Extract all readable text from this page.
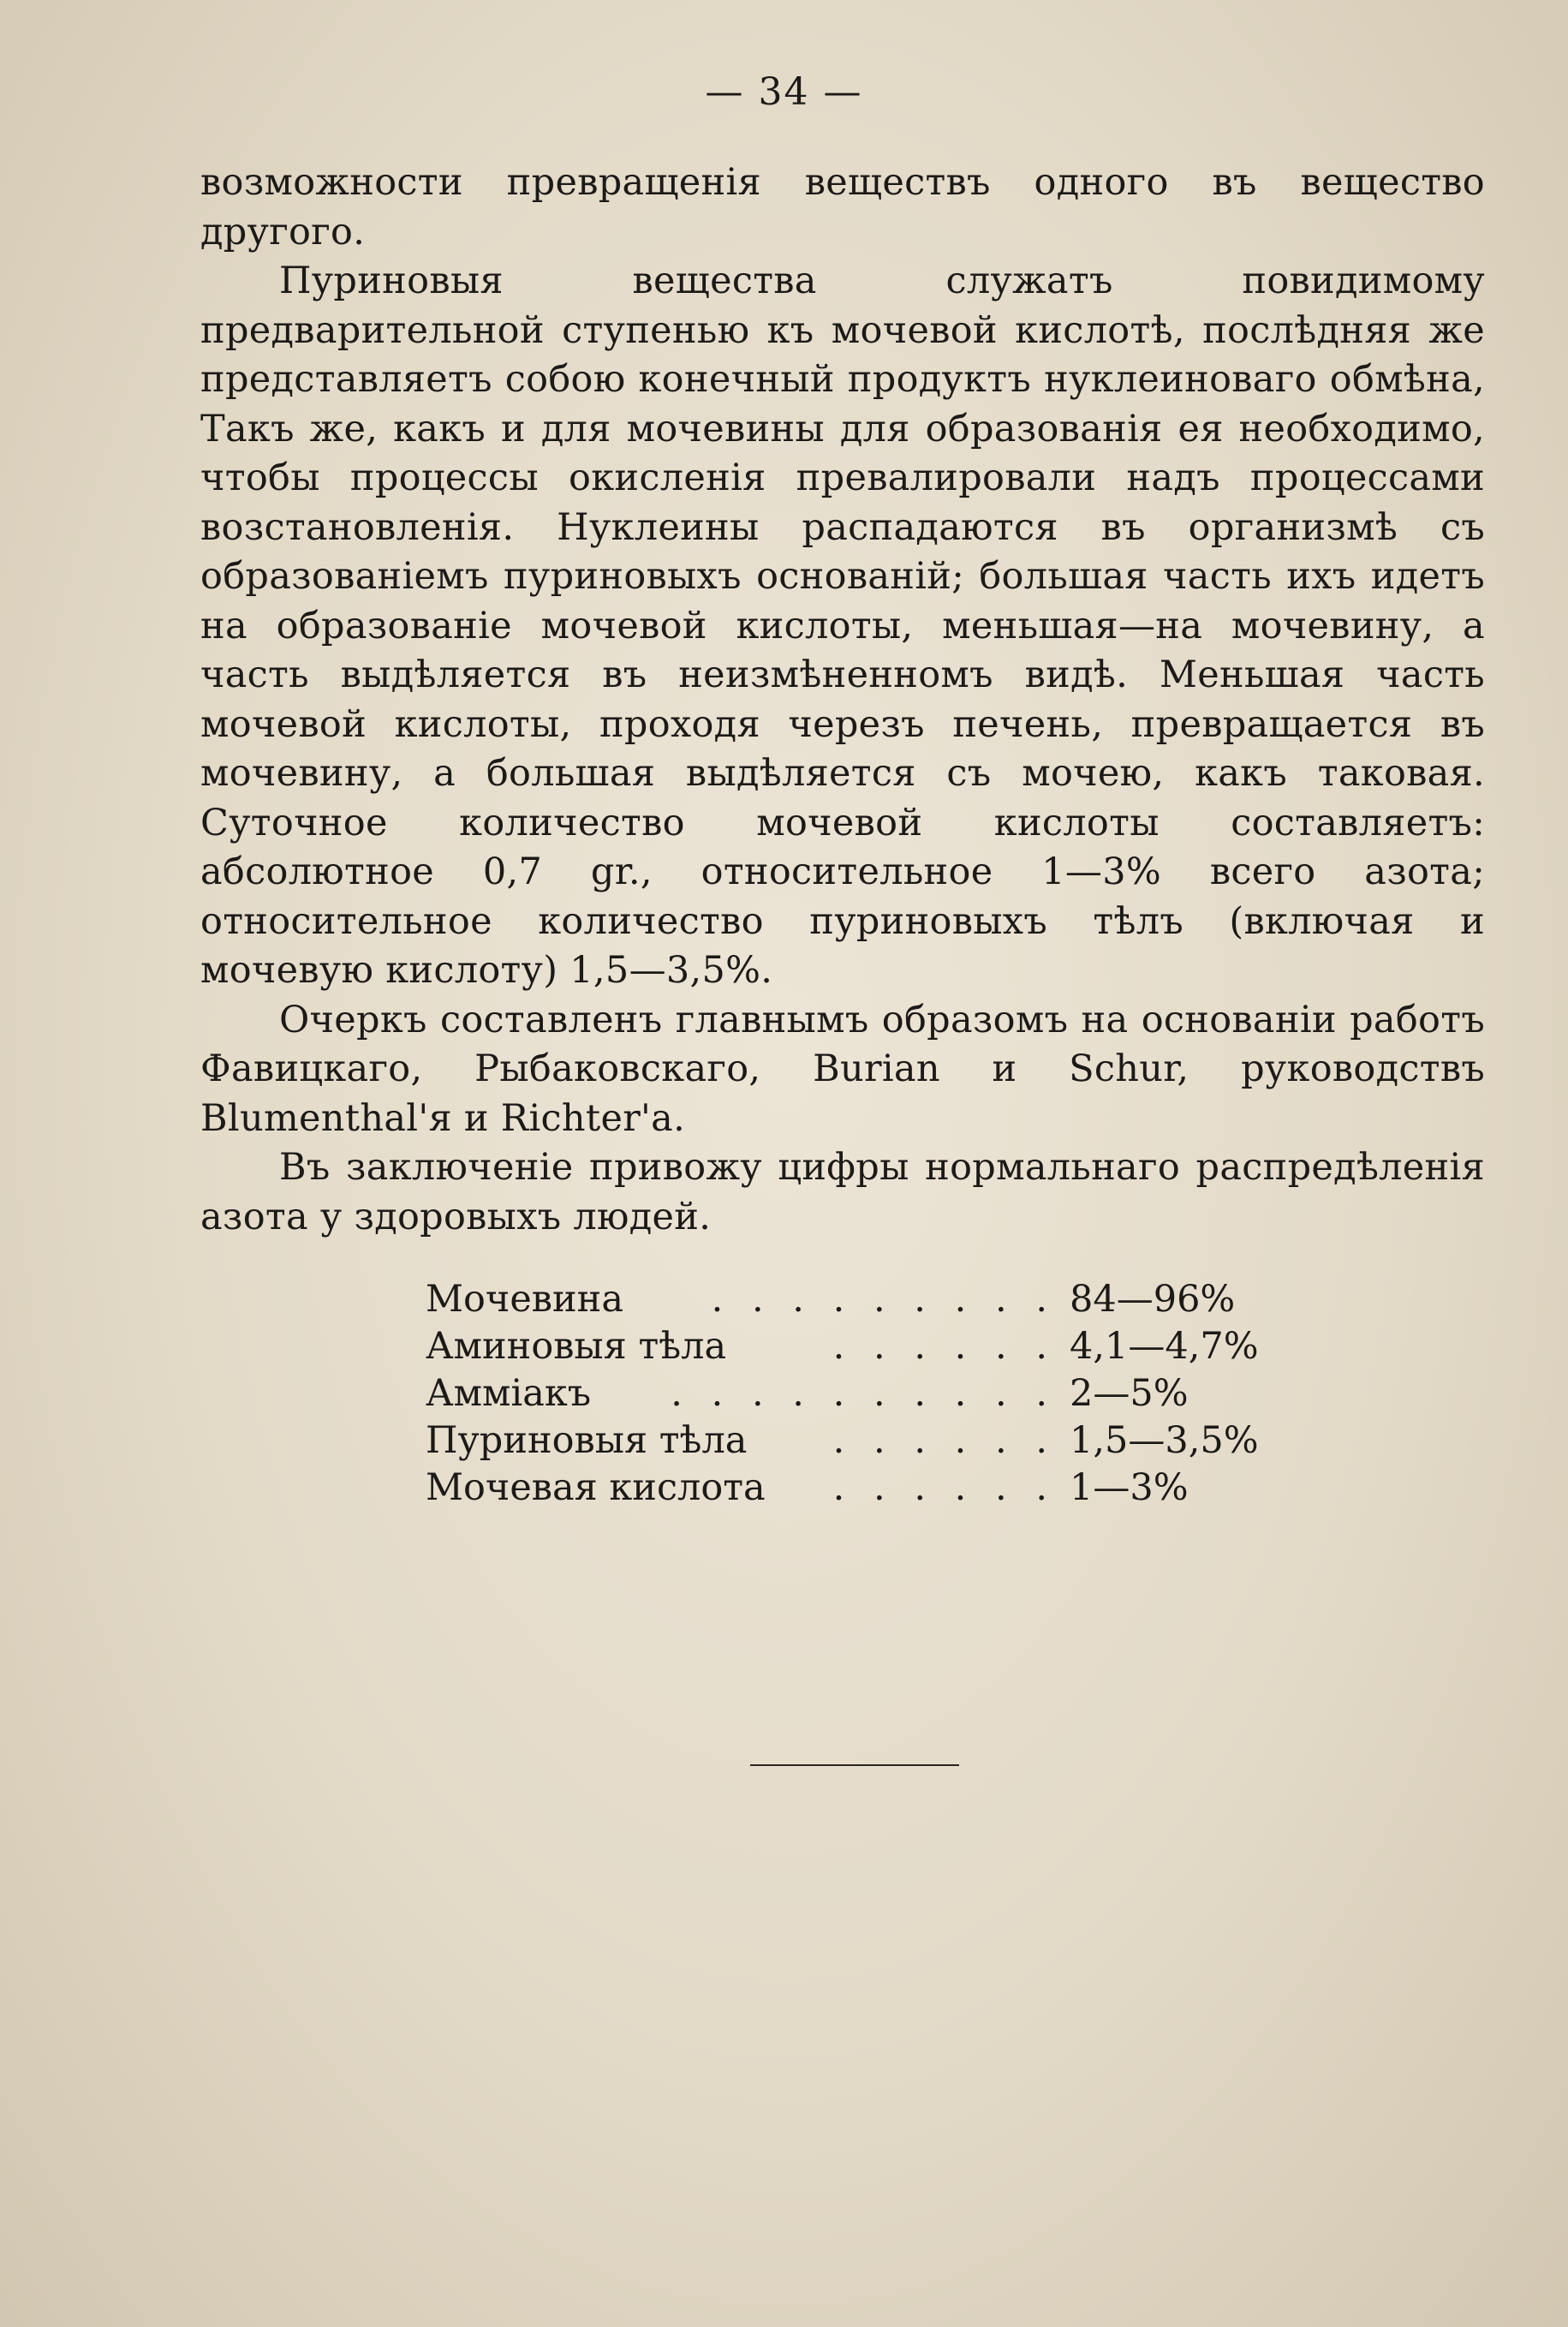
— 34 —

возможности превращенія веществъ одного въ вещество другого.

Пуриновыя вещества служатъ повидимому предварительной ступенью къ мочевой кислотѣ, послѣдняя же представляетъ собою конечный продуктъ нуклеиноваго обмѣна, Такъ же, какъ и для мочевины для образованія ея необходимо, чтобы процессы окисленія превалировали надъ процессами возстановленія. Нуклеины распадаются въ организмѣ съ образованіемъ пуриновыхъ основаній; большая часть ихъ идетъ на образованіе мочевой кислоты, меньшая—на мочевину, а часть выдѣляется въ неизмѣненномъ видѣ. Меньшая часть мочевой кислоты, проходя черезъ печень, превращается въ мочевину, а большая выдѣляется съ мочею, какъ таковая. Суточное количество мочевой кислоты составляетъ: абсолютное 0,7 gr., относительное 1—3% всего азота; относительное количество пуриновыхъ тѣлъ (включая и мочевую кислоту) 1,5—3,5%.

Очеркъ составленъ главнымъ образомъ на основаніи работъ Фавицкаго, Рыбаковскаго, Burian и Schur, руководствъ Blumenthal'я и Richter'а.

Въ заключеніе привожу цифры нормальнаго распредѣленія азота у здоровыхъ людей.

Мочевина . . . . . . . . . 84—96%
Аминовыя тѣла	. . . . . . 4,1—4,7%
Амміакъ . . . . . . . . . . 2—5%
Пуриновыя тѣла . . . . . . 1,5—3,5%
Мочевая кислота . . . . . . 1—3%
